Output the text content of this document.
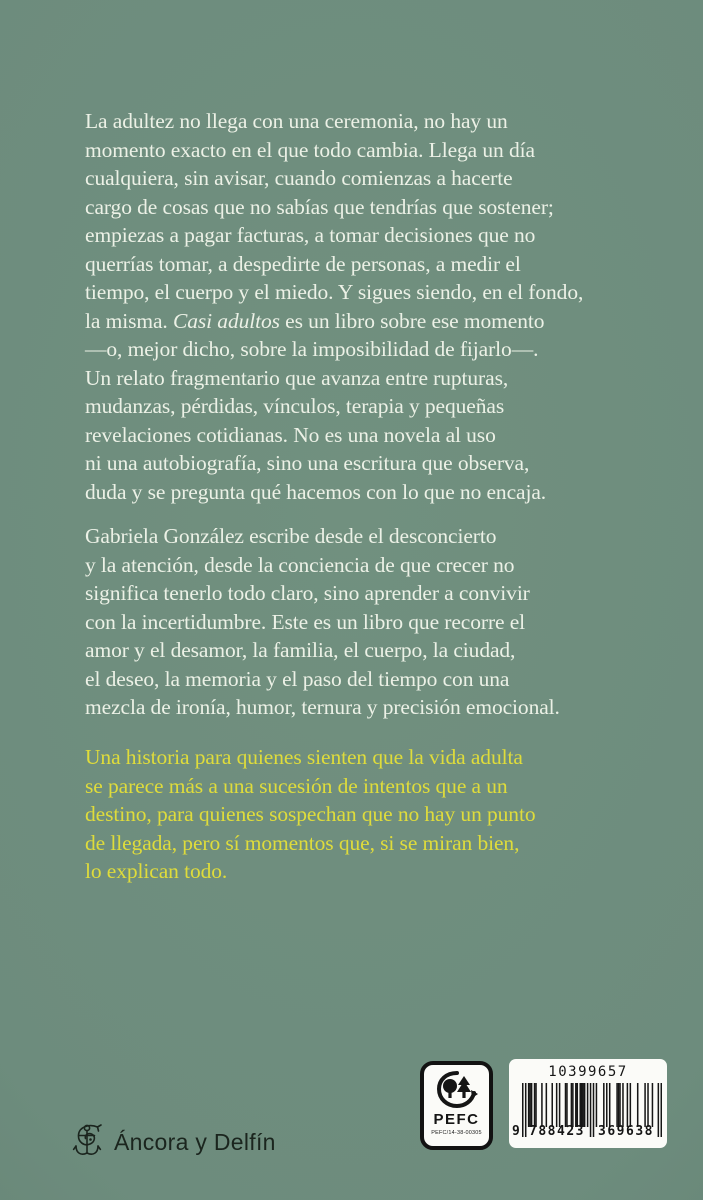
La adultez no llega con una ceremonia, no hay un
momento exacto en el que todo cambia. Llega un día
cualquiera, sin avisar, cuando comienzas a hacerte
cargo de cosas que no sabías que tendrías que sostener;
empiezas a pagar facturas, a tomar decisiones que no
querrías tomar, a despedirte de personas, a medir el
tiempo, el cuerpo y el miedo. Y sigues siendo, en el fondo,
la misma. Casi adultos es un libro sobre ese momento
—o, mejor dicho, sobre la imposibilidad de fijarlo—.
Un relato fragmentario que avanza entre rupturas,
mudanzas, pérdidas, vínculos, terapia y pequeñas
revelaciones cotidianas. No es una novela al uso
ni una autobiografía, sino una escritura que observa,
duda y se pregunta qué hacemos con lo que no encaja.
Gabriela González escribe desde el desconcierto
y la atención, desde la conciencia de que crecer no
significa tenerlo todo claro, sino aprender a convivir
con la incertidumbre. Este es un libro que recorre el
amor y el desamor, la familia, el cuerpo, la ciudad,
el deseo, la memoria y el paso del tiempo con una
mezcla de ironía, humor, ternura y precisión emocional.
Una historia para quienes sienten que la vida adulta
se parece más a una sucesión de intentos que a un
destino, para quienes sospechan que no hay un punto
de llegada, pero sí momentos que, si se miran bien,
lo explican todo.
Áncora y Delfín
PEFC
PEFC/14-38-00305
10399657
9 788423 369638
